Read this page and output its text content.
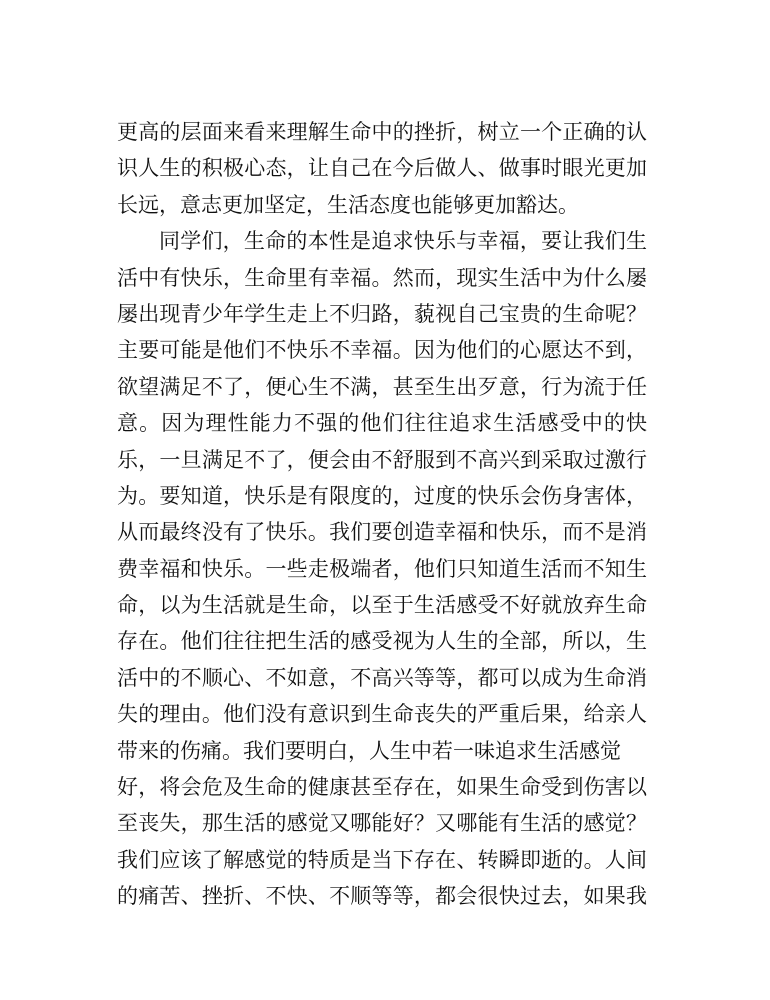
更高的层面来看来理解生命中的挫折，树立一个正确的认
识人生的积极心态，让自己在今后做人、做事时眼光更加
长远，意志更加坚定，生活态度也能够更加豁达。
同学们，生命的本性是追求快乐与幸福，要让我们生
活中有快乐，生命里有幸福。然而，现实生活中为什么屡
屡出现青少年学生走上不归路，藐视自己宝贵的生命呢？
主要可能是他们不快乐不幸福。因为他们的心愿达不到，
欲望满足不了，便心生不满，甚至生出歹意，行为流于任
意。因为理性能力不强的他们往往追求生活感受中的快
乐，一旦满足不了，便会由不舒服到不高兴到采取过激行
为。要知道，快乐是有限度的，过度的快乐会伤身害体，
从而最终没有了快乐。我们要创造幸福和快乐，而不是消
费幸福和快乐。一些走极端者，他们只知道生活而不知生
命，以为生活就是生命，以至于生活感受不好就放弃生命
存在。他们往往把生活的感受视为人生的全部，所以，生
活中的不顺心、不如意，不高兴等等，都可以成为生命消
失的理由。他们没有意识到生命丧失的严重后果，给亲人
带来的伤痛。我们要明白，人生中若一味追求生活感觉
好，将会危及生命的健康甚至存在，如果生命受到伤害以
至丧失，那生活的感觉又哪能好？又哪能有生活的感觉？
我们应该了解感觉的特质是当下存在、转瞬即逝的。人间
的痛苦、挫折、不快、不顺等等，都会很快过去，如果我
